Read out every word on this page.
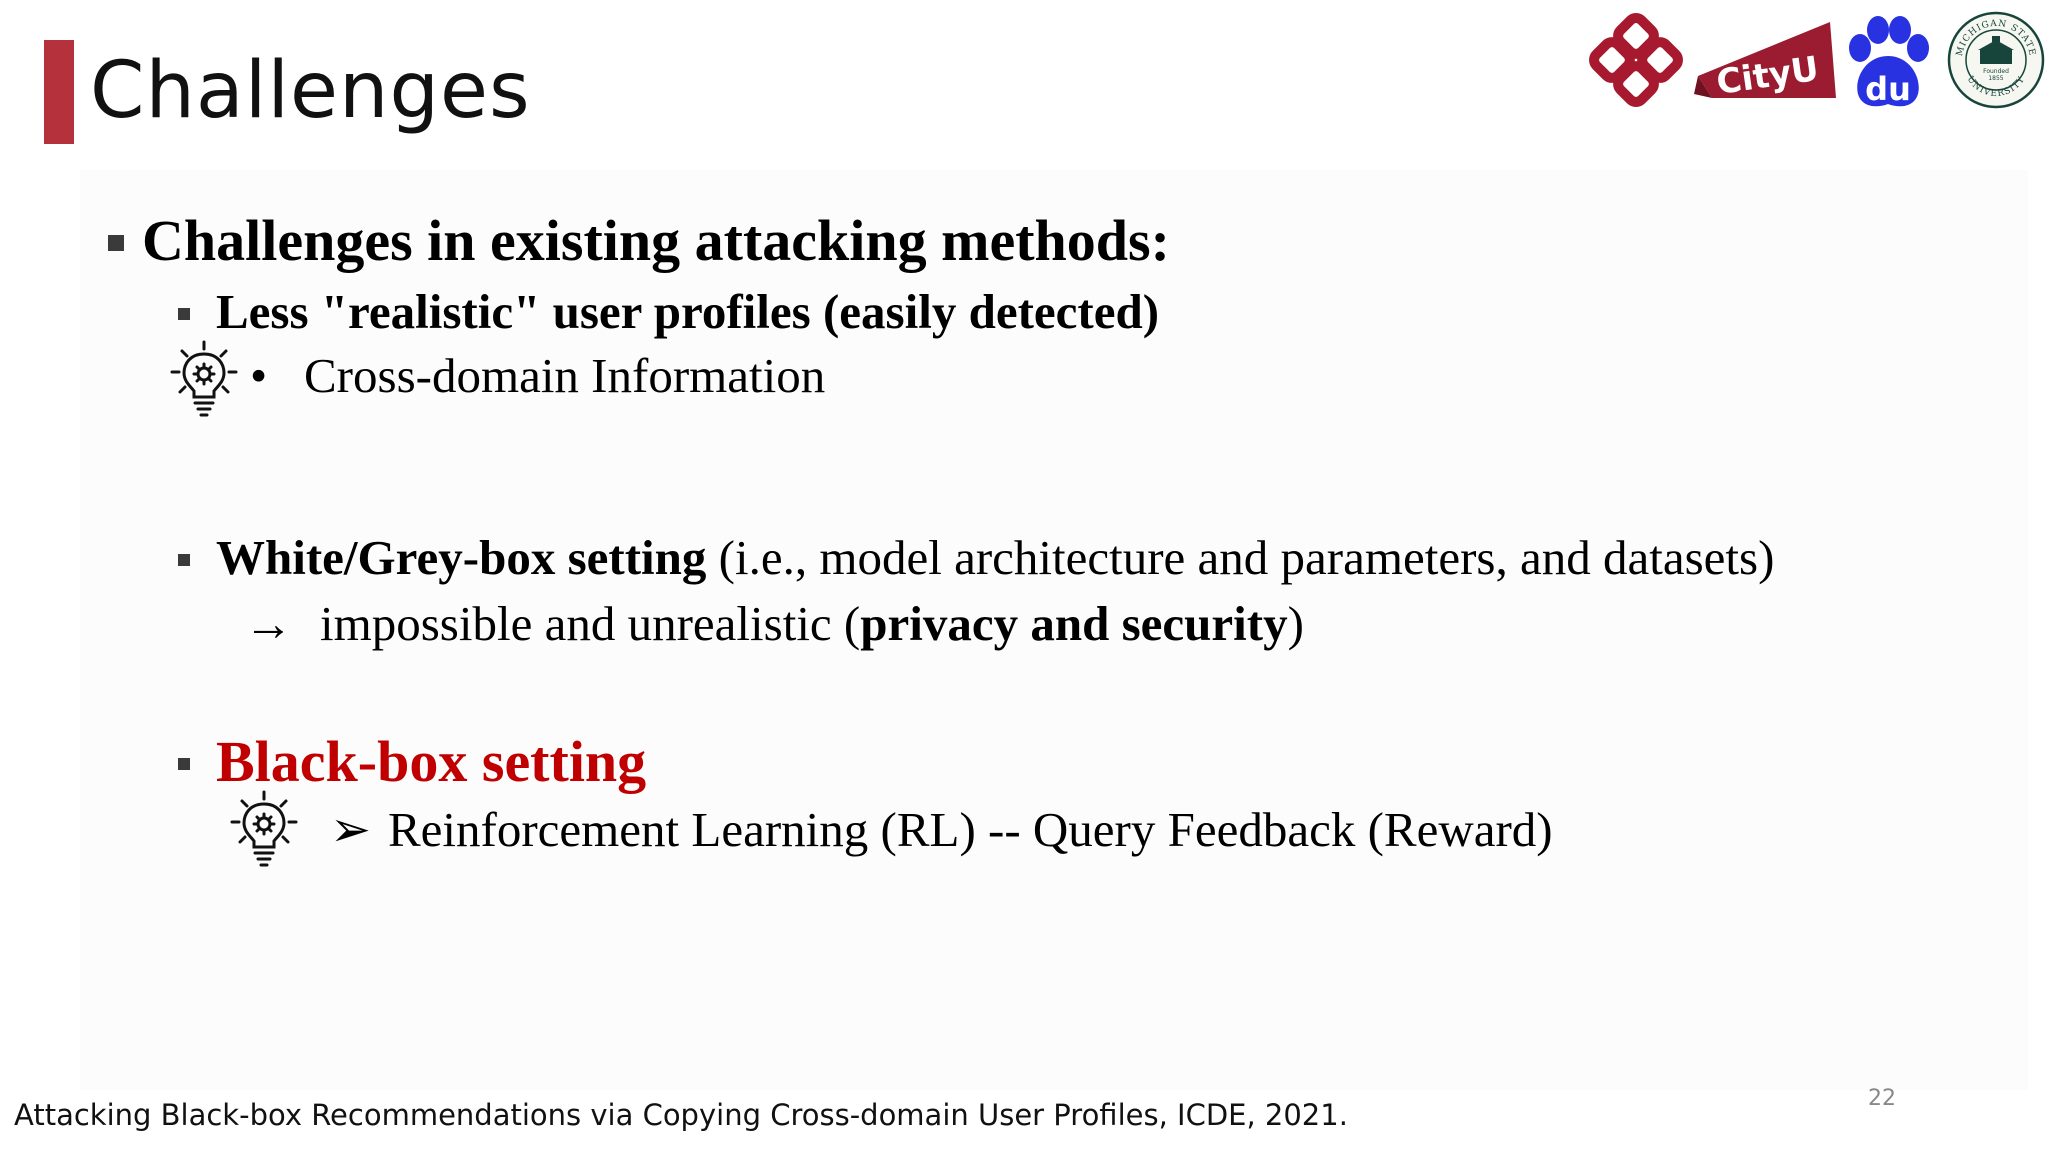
Challenges	CityU du
MICHIGAN STATE
UNIVERSITY
Founded
1855
Challenges in existing attacking methods:
Less "realistic" user profiles (easily detected)
• Cross-domain Information
White/Grey-box setting (i.e., model architecture and parameters, and datasets)
→ impossible and unrealistic (privacy and security)
Black-box setting
➢ Reinforcement Learning (RL) -- Query Feedback (Reward)
Attacking Black-box Recommendations via Copying Cross-domain User Profiles, ICDE, 2021.	22
